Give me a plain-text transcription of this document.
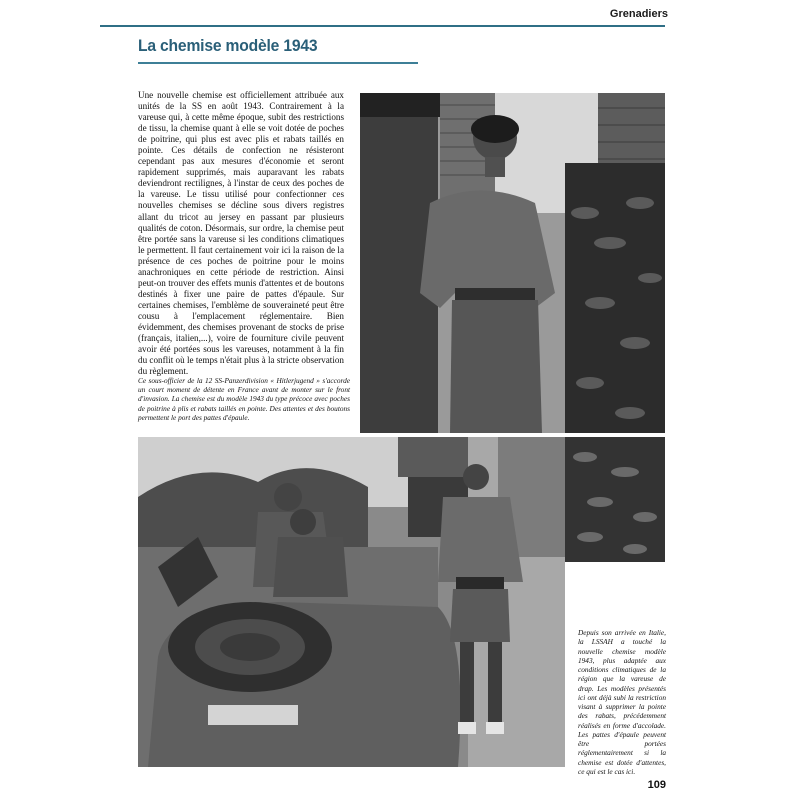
Grenadiers
La chemise modèle 1943
Une nouvelle chemise est officiellement attribuée aux unités de la SS en août 1943. Contrairement à la vareuse qui, à cette même époque, subit des restrictions de tissu, la chemise quant à elle se voit dotée de poches de poitrine, qui plus est avec plis et rabats taillés en pointe. Ces détails de confection ne résisteront cependant pas aux mesures d'économie et seront rapidement supprimés, mais auparavant les rabats deviendront rectilignes, à l'instar de ceux des poches de la vareuse. Le tissu utilisé pour confectionner ces nouvelles chemises se décline sous divers registres allant du tricot au jersey en passant par plusieurs qualités de coton. Désormais, sur ordre, la chemise peut être portée sans la vareuse si les conditions climatiques le permettent. Il faut certainement voir ici la raison de la présence de ces poches de poitrine pour le moins anachroniques en cette période de restriction. Ainsi peut-on trouver des effets munis d'attentes et de boutons destinés à fixer une paire de pattes d'épaule. Sur certaines chemises, l'emblème de souveraineté peut être cousu à l'emplacement réglementaire. Bien évidemment, des chemises provenant de stocks de prise (français, italien,...), voire de fourniture civile peuvent avoir été portées sous les vareuses, notamment à la fin du conflit où le temps n'était plus à la stricte observation du règlement.
Ce sous-officier de la 12 SS-Panzerdivision « Hitlerjugend » s'accorde un court moment de détente en France avant de monter sur le front d'invasion. La chemise est du modèle 1943 du type précoce avec poches de poitrine à plis et rabats taillés en pointe. Des attentes et des boutons permettent le port des pattes d'épaule.
Depuis son arrivée en Italie, la LSSAH a touché la nouvelle chemise modèle 1943, plus adaptée aux conditions climatiques de la région que la vareuse de drap. Les modèles présentés ici ont déjà subi la restriction visant à supprimer la pointe des rabats, précédemment réalisés en forme d'accolade. Les pattes d'épaule peuvent être portées réglementairement si la chemise est dotée d'attentes, ce qui est le cas ici.
109
